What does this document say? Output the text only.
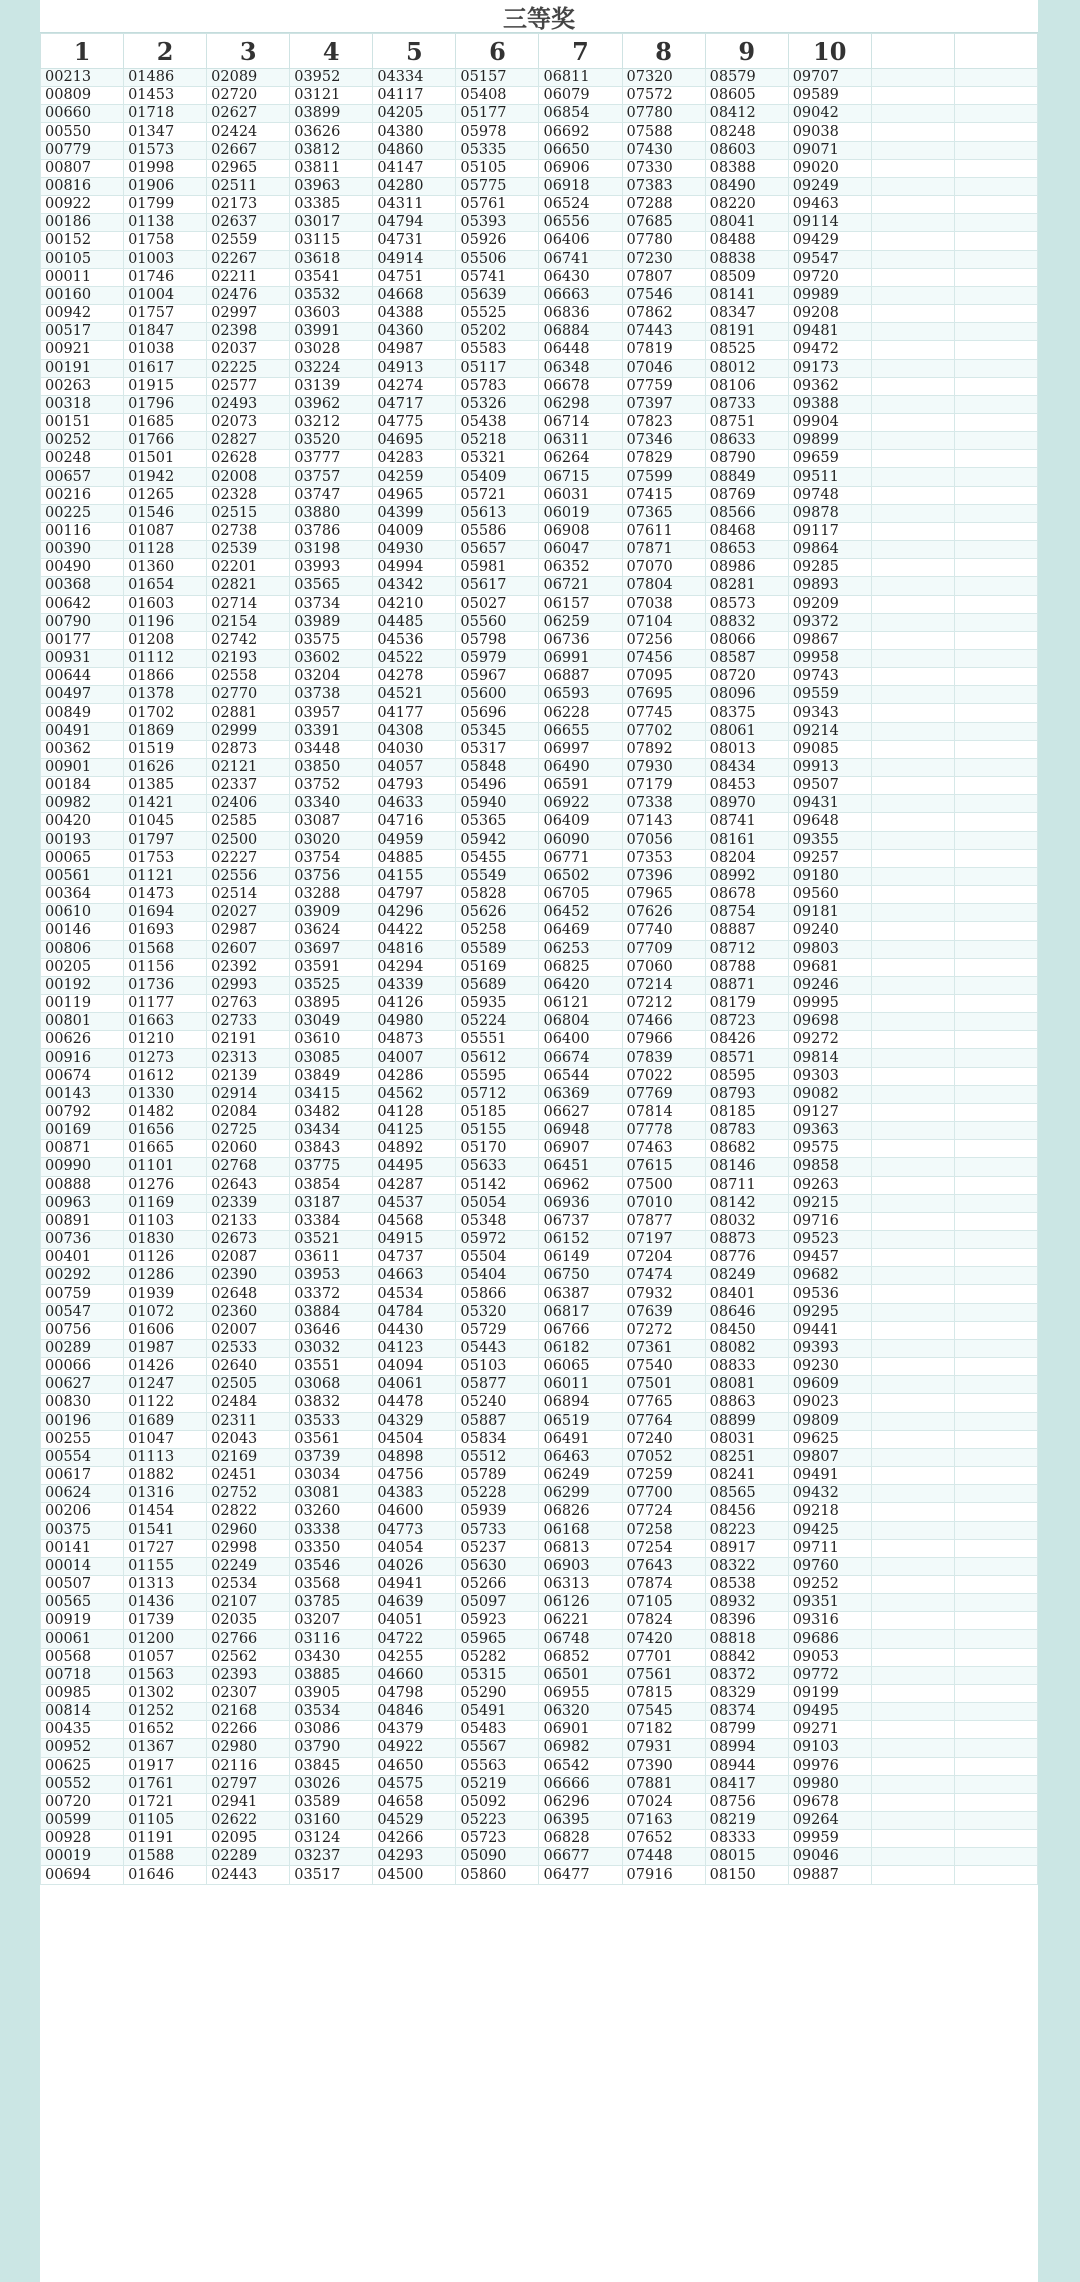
三等奖
1	2	3	4	5	6	7	8	9	10		
00213	01486	02089	03952	04334	05157	06811	07320	08579	09707		
00809	01453	02720	03121	04117	05408	06079	07572	08605	09589		
00660	01718	02627	03899	04205	05177	06854	07780	08412	09042		
00550	01347	02424	03626	04380	05978	06692	07588	08248	09038		
00779	01573	02667	03812	04860	05335	06650	07430	08603	09071		
00807	01998	02965	03811	04147	05105	06906	07330	08388	09020		
00816	01906	02511	03963	04280	05775	06918	07383	08490	09249		
00922	01799	02173	03385	04311	05761	06524	07288	08220	09463		
00186	01138	02637	03017	04794	05393	06556	07685	08041	09114		
00152	01758	02559	03115	04731	05926	06406	07780	08488	09429		
00105	01003	02267	03618	04914	05506	06741	07230	08838	09547		
00011	01746	02211	03541	04751	05741	06430	07807	08509	09720		
00160	01004	02476	03532	04668	05639	06663	07546	08141	09989		
00942	01757	02997	03603	04388	05525	06836	07862	08347	09208		
00517	01847	02398	03991	04360	05202	06884	07443	08191	09481		
00921	01038	02037	03028	04987	05583	06448	07819	08525	09472		
00191	01617	02225	03224	04913	05117	06348	07046	08012	09173		
00263	01915	02577	03139	04274	05783	06678	07759	08106	09362		
00318	01796	02493	03962	04717	05326	06298	07397	08733	09388		
00151	01685	02073	03212	04775	05438	06714	07823	08751	09904		
00252	01766	02827	03520	04695	05218	06311	07346	08633	09899		
00248	01501	02628	03777	04283	05321	06264	07829	08790	09659		
00657	01942	02008	03757	04259	05409	06715	07599	08849	09511		
00216	01265	02328	03747	04965	05721	06031	07415	08769	09748		
00225	01546	02515	03880	04399	05613	06019	07365	08566	09878		
00116	01087	02738	03786	04009	05586	06908	07611	08468	09117		
00390	01128	02539	03198	04930	05657	06047	07871	08653	09864		
00490	01360	02201	03993	04994	05981	06352	07070	08986	09285		
00368	01654	02821	03565	04342	05617	06721	07804	08281	09893		
00642	01603	02714	03734	04210	05027	06157	07038	08573	09209		
00790	01196	02154	03989	04485	05560	06259	07104	08832	09372		
00177	01208	02742	03575	04536	05798	06736	07256	08066	09867		
00931	01112	02193	03602	04522	05979	06991	07456	08587	09958		
00644	01866	02558	03204	04278	05967	06887	07095	08720	09743		
00497	01378	02770	03738	04521	05600	06593	07695	08096	09559		
00849	01702	02881	03957	04177	05696	06228	07745	08375	09343		
00491	01869	02999	03391	04308	05345	06655	07702	08061	09214		
00362	01519	02873	03448	04030	05317	06997	07892	08013	09085		
00901	01626	02121	03850	04057	05848	06490	07930	08434	09913		
00184	01385	02337	03752	04793	05496	06591	07179	08453	09507		
00982	01421	02406	03340	04633	05940	06922	07338	08970	09431		
00420	01045	02585	03087	04716	05365	06409	07143	08741	09648		
00193	01797	02500	03020	04959	05942	06090	07056	08161	09355		
00065	01753	02227	03754	04885	05455	06771	07353	08204	09257		
00561	01121	02556	03756	04155	05549	06502	07396	08992	09180		
00364	01473	02514	03288	04797	05828	06705	07965	08678	09560		
00610	01694	02027	03909	04296	05626	06452	07626	08754	09181		
00146	01693	02987	03624	04422	05258	06469	07740	08887	09240		
00806	01568	02607	03697	04816	05589	06253	07709	08712	09803		
00205	01156	02392	03591	04294	05169	06825	07060	08788	09681		
00192	01736	02993	03525	04339	05689	06420	07214	08871	09246		
00119	01177	02763	03895	04126	05935	06121	07212	08179	09995		
00801	01663	02733	03049	04980	05224	06804	07466	08723	09698		
00626	01210	02191	03610	04873	05551	06400	07966	08426	09272		
00916	01273	02313	03085	04007	05612	06674	07839	08571	09814		
00674	01612	02139	03849	04286	05595	06544	07022	08595	09303		
00143	01330	02914	03415	04562	05712	06369	07769	08793	09082		
00792	01482	02084	03482	04128	05185	06627	07814	08185	09127		
00169	01656	02725	03434	04125	05155	06948	07778	08783	09363		
00871	01665	02060	03843	04892	05170	06907	07463	08682	09575		
00990	01101	02768	03775	04495	05633	06451	07615	08146	09858		
00888	01276	02643	03854	04287	05142	06962	07500	08711	09263		
00963	01169	02339	03187	04537	05054	06936	07010	08142	09215		
00891	01103	02133	03384	04568	05348	06737	07877	08032	09716		
00736	01830	02673	03521	04915	05972	06152	07197	08873	09523		
00401	01126	02087	03611	04737	05504	06149	07204	08776	09457		
00292	01286	02390	03953	04663	05404	06750	07474	08249	09682		
00759	01939	02648	03372	04534	05866	06387	07932	08401	09536		
00547	01072	02360	03884	04784	05320	06817	07639	08646	09295		
00756	01606	02007	03646	04430	05729	06766	07272	08450	09441		
00289	01987	02533	03032	04123	05443	06182	07361	08082	09393		
00066	01426	02640	03551	04094	05103	06065	07540	08833	09230		
00627	01247	02505	03068	04061	05877	06011	07501	08081	09609		
00830	01122	02484	03832	04478	05240	06894	07765	08863	09023		
00196	01689	02311	03533	04329	05887	06519	07764	08899	09809		
00255	01047	02043	03561	04504	05834	06491	07240	08031	09625		
00554	01113	02169	03739	04898	05512	06463	07052	08251	09807		
00617	01882	02451	03034	04756	05789	06249	07259	08241	09491		
00624	01316	02752	03081	04383	05228	06299	07700	08565	09432		
00206	01454	02822	03260	04600	05939	06826	07724	08456	09218		
00375	01541	02960	03338	04773	05733	06168	07258	08223	09425		
00141	01727	02998	03350	04054	05237	06813	07254	08917	09711		
00014	01155	02249	03546	04026	05630	06903	07643	08322	09760		
00507	01313	02534	03568	04941	05266	06313	07874	08538	09252		
00565	01436	02107	03785	04639	05097	06126	07105	08932	09351		
00919	01739	02035	03207	04051	05923	06221	07824	08396	09316		
00061	01200	02766	03116	04722	05965	06748	07420	08818	09686		
00568	01057	02562	03430	04255	05282	06852	07701	08842	09053		
00718	01563	02393	03885	04660	05315	06501	07561	08372	09772		
00985	01302	02307	03905	04798	05290	06955	07815	08329	09199		
00814	01252	02168	03534	04846	05491	06320	07545	08374	09495		
00435	01652	02266	03086	04379	05483	06901	07182	08799	09271		
00952	01367	02980	03790	04922	05567	06982	07931	08994	09103		
00625	01917	02116	03845	04650	05563	06542	07390	08944	09976		
00552	01761	02797	03026	04575	05219	06666	07881	08417	09980		
00720	01721	02941	03589	04658	05092	06296	07024	08756	09678		
00599	01105	02622	03160	04529	05223	06395	07163	08219	09264		
00928	01191	02095	03124	04266	05723	06828	07652	08333	09959		
00019	01588	02289	03237	04293	05090	06677	07448	08015	09046		
00694	01646	02443	03517	04500	05860	06477	07916	08150	09887		
